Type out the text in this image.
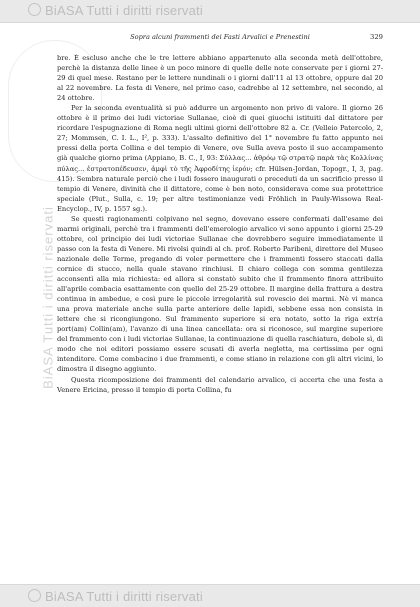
BiASA Tutti i diritti riservati
BiASA Tutti i diritti riservati
Sopra alcuni frammenti dei Fasti Arvalici e Prenestini	329

bre. È escluso anche che le tre lettere abbiano appartenuto alla seconda metà dell'ottobre, perchè la distanza delle linee è un poco minore di quelle delle note conservate per i giorni 27-29 di quel mese. Restano per le lettere nundinali o i giorni dall'11 al 13 ottobre, oppure dal 20 al 22 novembre. La festa di Venere, nel primo caso, cadrebbe al 12 settembre, nel secondo, al 24 ottobre.

Per la seconda eventualità si può addurre un argomento non privo di valore. Il giorno 26 ottobre è il primo dei ludi victoriae Sullanae, cioè di quei giuochi istituiti dal dittatore per ricordare l'espugnazione di Roma negli ultimi giorni dell'ottobre 82 a. Cr. (Velleio Patercolo, 2, 27; Mommsen, C. I. L., I², p. 333). L'assalto definitivo del 1° novembre fu fatto appunto nei pressi della porta Collina e del tempio di Venere, ove Sulla aveva posto il suo accampamento già qualche giorno prima (Appiano, B. C., I, 93: Σύλλας... ἀθρόῳ τῷ στρατῷ παρὰ τὰς Κολλίνας πύλας... ἐστρατοπέδευσεν, ἀμφὶ τὸ τῆς Ἀφροδίτης ἱερόν; cfr. Hülsen-Jordan, Topogr., I, 3, pag. 415). Sembra naturale perciò che i ludi fossero inaugurati o preceduti da un sacrificio presso il tempio di Venere, divinità che il dittatore, come è ben noto, considerava come sua protettrice speciale (Plut., Sulla, c. 19; per altre testimonianze vedi Fröhlich in Pauly-Wissowa Real-Encyclop., IV, p. 1557 sg.).

Se questi ragionamenti colpivano nel segno, dovevano essere confermati dall'esame dei marmi originali, perchè tra i frammenti dell'emerologio arvalico vi sono appunto i giorni 25-29 ottobre, col principio dei ludi victoriae Sullanae che dovrebbero seguire immediatamente il passo con la festa di Venere. Mi rivolsi quindi al ch. prof. Roberto Paribeni, direttore del Museo nazionale delle Terme, pregando di voler permettere che i frammenti fossero staccati dalla cornice di stucco, nella quale stavano rinchiusi. Il chiaro collega con somma gentilezza acconsentì alla mia richiesta: ed allora si constatò subito che il frammento finora attribuito all'aprile combacia esattamente con quello del 25-29 ottobre. Il margine della frattura a destra continua in ambedue, e così pure le piccole irregolarità sul rovescio dei marmi. Nè vi manca una prova materiale anche sulla parte anteriore delle lapidi, sebbene essa non consista in lettere che si ricongiungono. Sul frammento superiore si era notato, sotto la riga extr(a port(am) Collin(am), l'avanzo di una linea cancellata: ora si riconosce, sul margine superiore del frammento con i ludi victoriae Sullanae, la continuazione di quella raschiatura, debole sì, di modo che noi editori possiamo essere scusati di averla negletta, ma certissima per ogni intenditore. Come combacino i due frammenti, e come stiano in relazione con gli altri vicini, lo dimostra il disegno aggiunto.

Questa ricomposizione dei frammenti del calendario arvalico, ci accerta che una festa a Venere Ericina, presso il tempio di porta Collina, fu

BiASA Tutti i diritti riservati
